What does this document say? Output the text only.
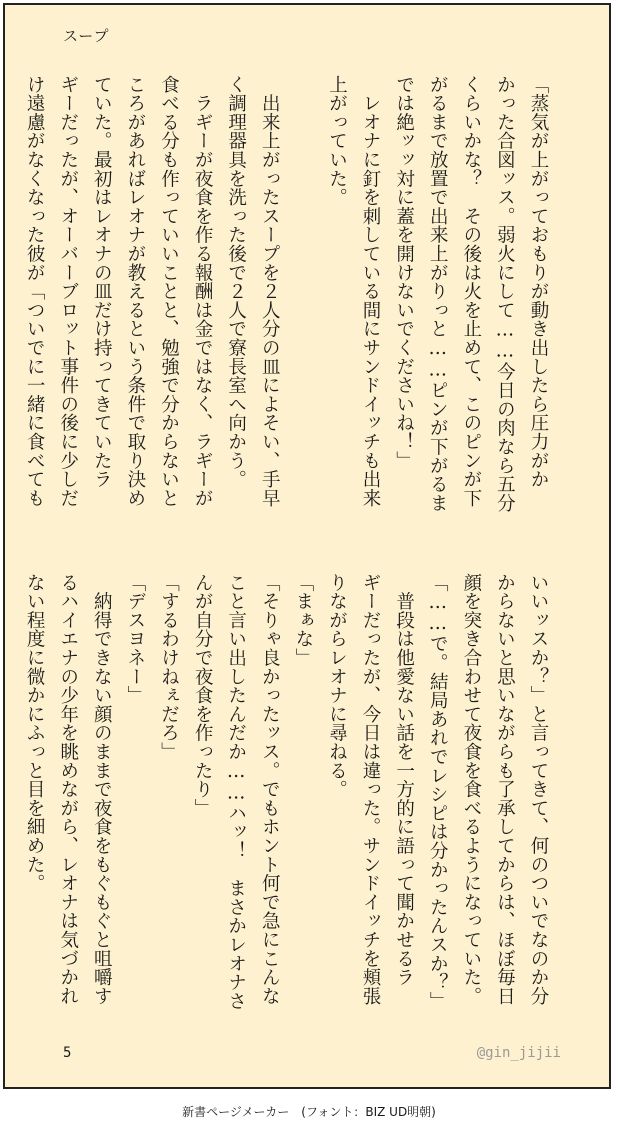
スープ

「蒸気が上がっておもりが動き出したら圧力がか

かった合図ッス。弱火にして……今日の肉なら五分

くらいかな？　その後は火を止めて、このピンが下

がるまで放置で出来上がりっと……ピンが下がるま

では絶ッッ対に蓋を開けないでくださいね！」

　レオナに釘を刺している間にサンドイッチも出来

上がっていた。

　出来上がったスープを２人分の皿によそい、手早

く調理器具を洗った後で２人で寮長室へ向かう。

　ラギーが夜食を作る報酬は金ではなく、ラギーが

食べる分も作っていいことと、勉強で分からないと

ころがあればレオナが教えるという条件で取り決め

ていた。最初はレオナの皿だけ持ってきていたラ

ギーだったが、オーバーブロット事件の後に少しだ

け遠慮がなくなった彼が「ついでに一緒に食べても

いいッスか？」と言ってきて、何のついでなのか分

からないと思いながらも了承してからは、ほぼ毎日

顔を突き合わせて夜食を食べるようになっていた。

「……で。結局あれでレシピは分かったんスか？」

　普段は他愛ない話を一方的に語って聞かせるラ

ギーだったが、今日は違った。サンドイッチを頬張

りながらレオナに尋ねる。

「まぁな」

「そりゃ良かったッス。でもホント何で急にこんな

こと言い出したんだか……ハッ！　まさかレオナさ

んが自分で夜食を作ったり」

「するわけねぇだろ」

「デスヨネー」

　納得できない顔のままで夜食をもぐもぐと咀嚼す

るハイエナの少年を眺めながら、レオナは気づかれ

ない程度に微かにふっと目を細めた。

5	@gin_jijii
新書ページメーカー　(フォント：BIZ UD明朝)
